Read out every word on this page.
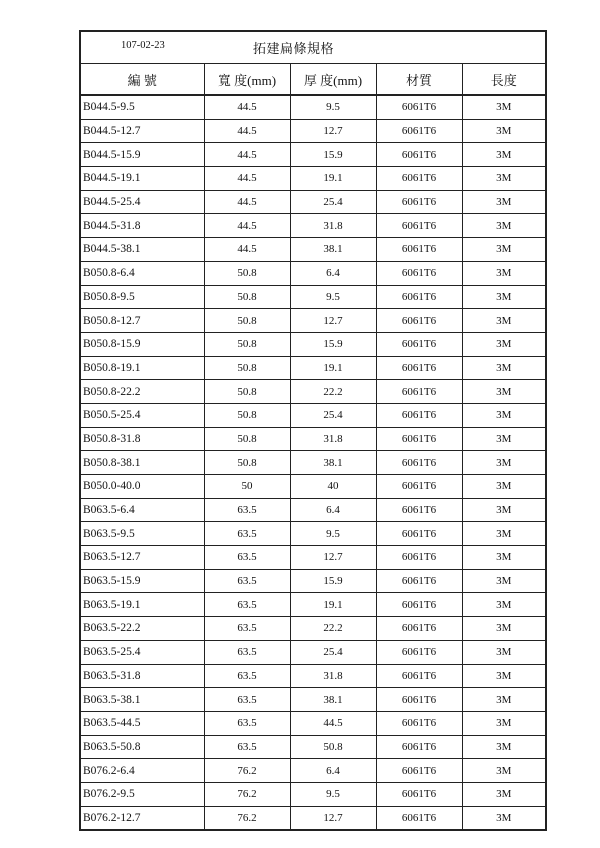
107-02-23 拓建扁條規格				

編 號	寬 度(mm)	厚 度(mm)	材質	長度
B044.5-9.5	44.5	9.5	6061T6	3M
B044.5-12.7	44.5	12.7	6061T6	3M
B044.5-15.9	44.5	15.9	6061T6	3M
B044.5-19.1	44.5	19.1	6061T6	3M
B044.5-25.4	44.5	25.4	6061T6	3M
B044.5-31.8	44.5	31.8	6061T6	3M
B044.5-38.1	44.5	38.1	6061T6	3M
B050.8-6.4	50.8	6.4	6061T6	3M
B050.8-9.5	50.8	9.5	6061T6	3M
B050.8-12.7	50.8	12.7	6061T6	3M
B050.8-15.9	50.8	15.9	6061T6	3M
B050.8-19.1	50.8	19.1	6061T6	3M
B050.8-22.2	50.8	22.2	6061T6	3M
B050.5-25.4	50.8	25.4	6061T6	3M
B050.8-31.8	50.8	31.8	6061T6	3M
B050.8-38.1	50.8	38.1	6061T6	3M
B050.0-40.0	50	40	6061T6	3M
B063.5-6.4	63.5	6.4	6061T6	3M
B063.5-9.5	63.5	9.5	6061T6	3M
B063.5-12.7	63.5	12.7	6061T6	3M
B063.5-15.9	63.5	15.9	6061T6	3M
B063.5-19.1	63.5	19.1	6061T6	3M
B063.5-22.2	63.5	22.2	6061T6	3M
B063.5-25.4	63.5	25.4	6061T6	3M
B063.5-31.8	63.5	31.8	6061T6	3M
B063.5-38.1	63.5	38.1	6061T6	3M
B063.5-44.5	63.5	44.5	6061T6	3M
B063.5-50.8	63.5	50.8	6061T6	3M
B076.2-6.4	76.2	6.4	6061T6	3M
B076.2-9.5	76.2	9.5	6061T6	3M
B076.2-12.7	76.2	12.7	6061T6	3M
